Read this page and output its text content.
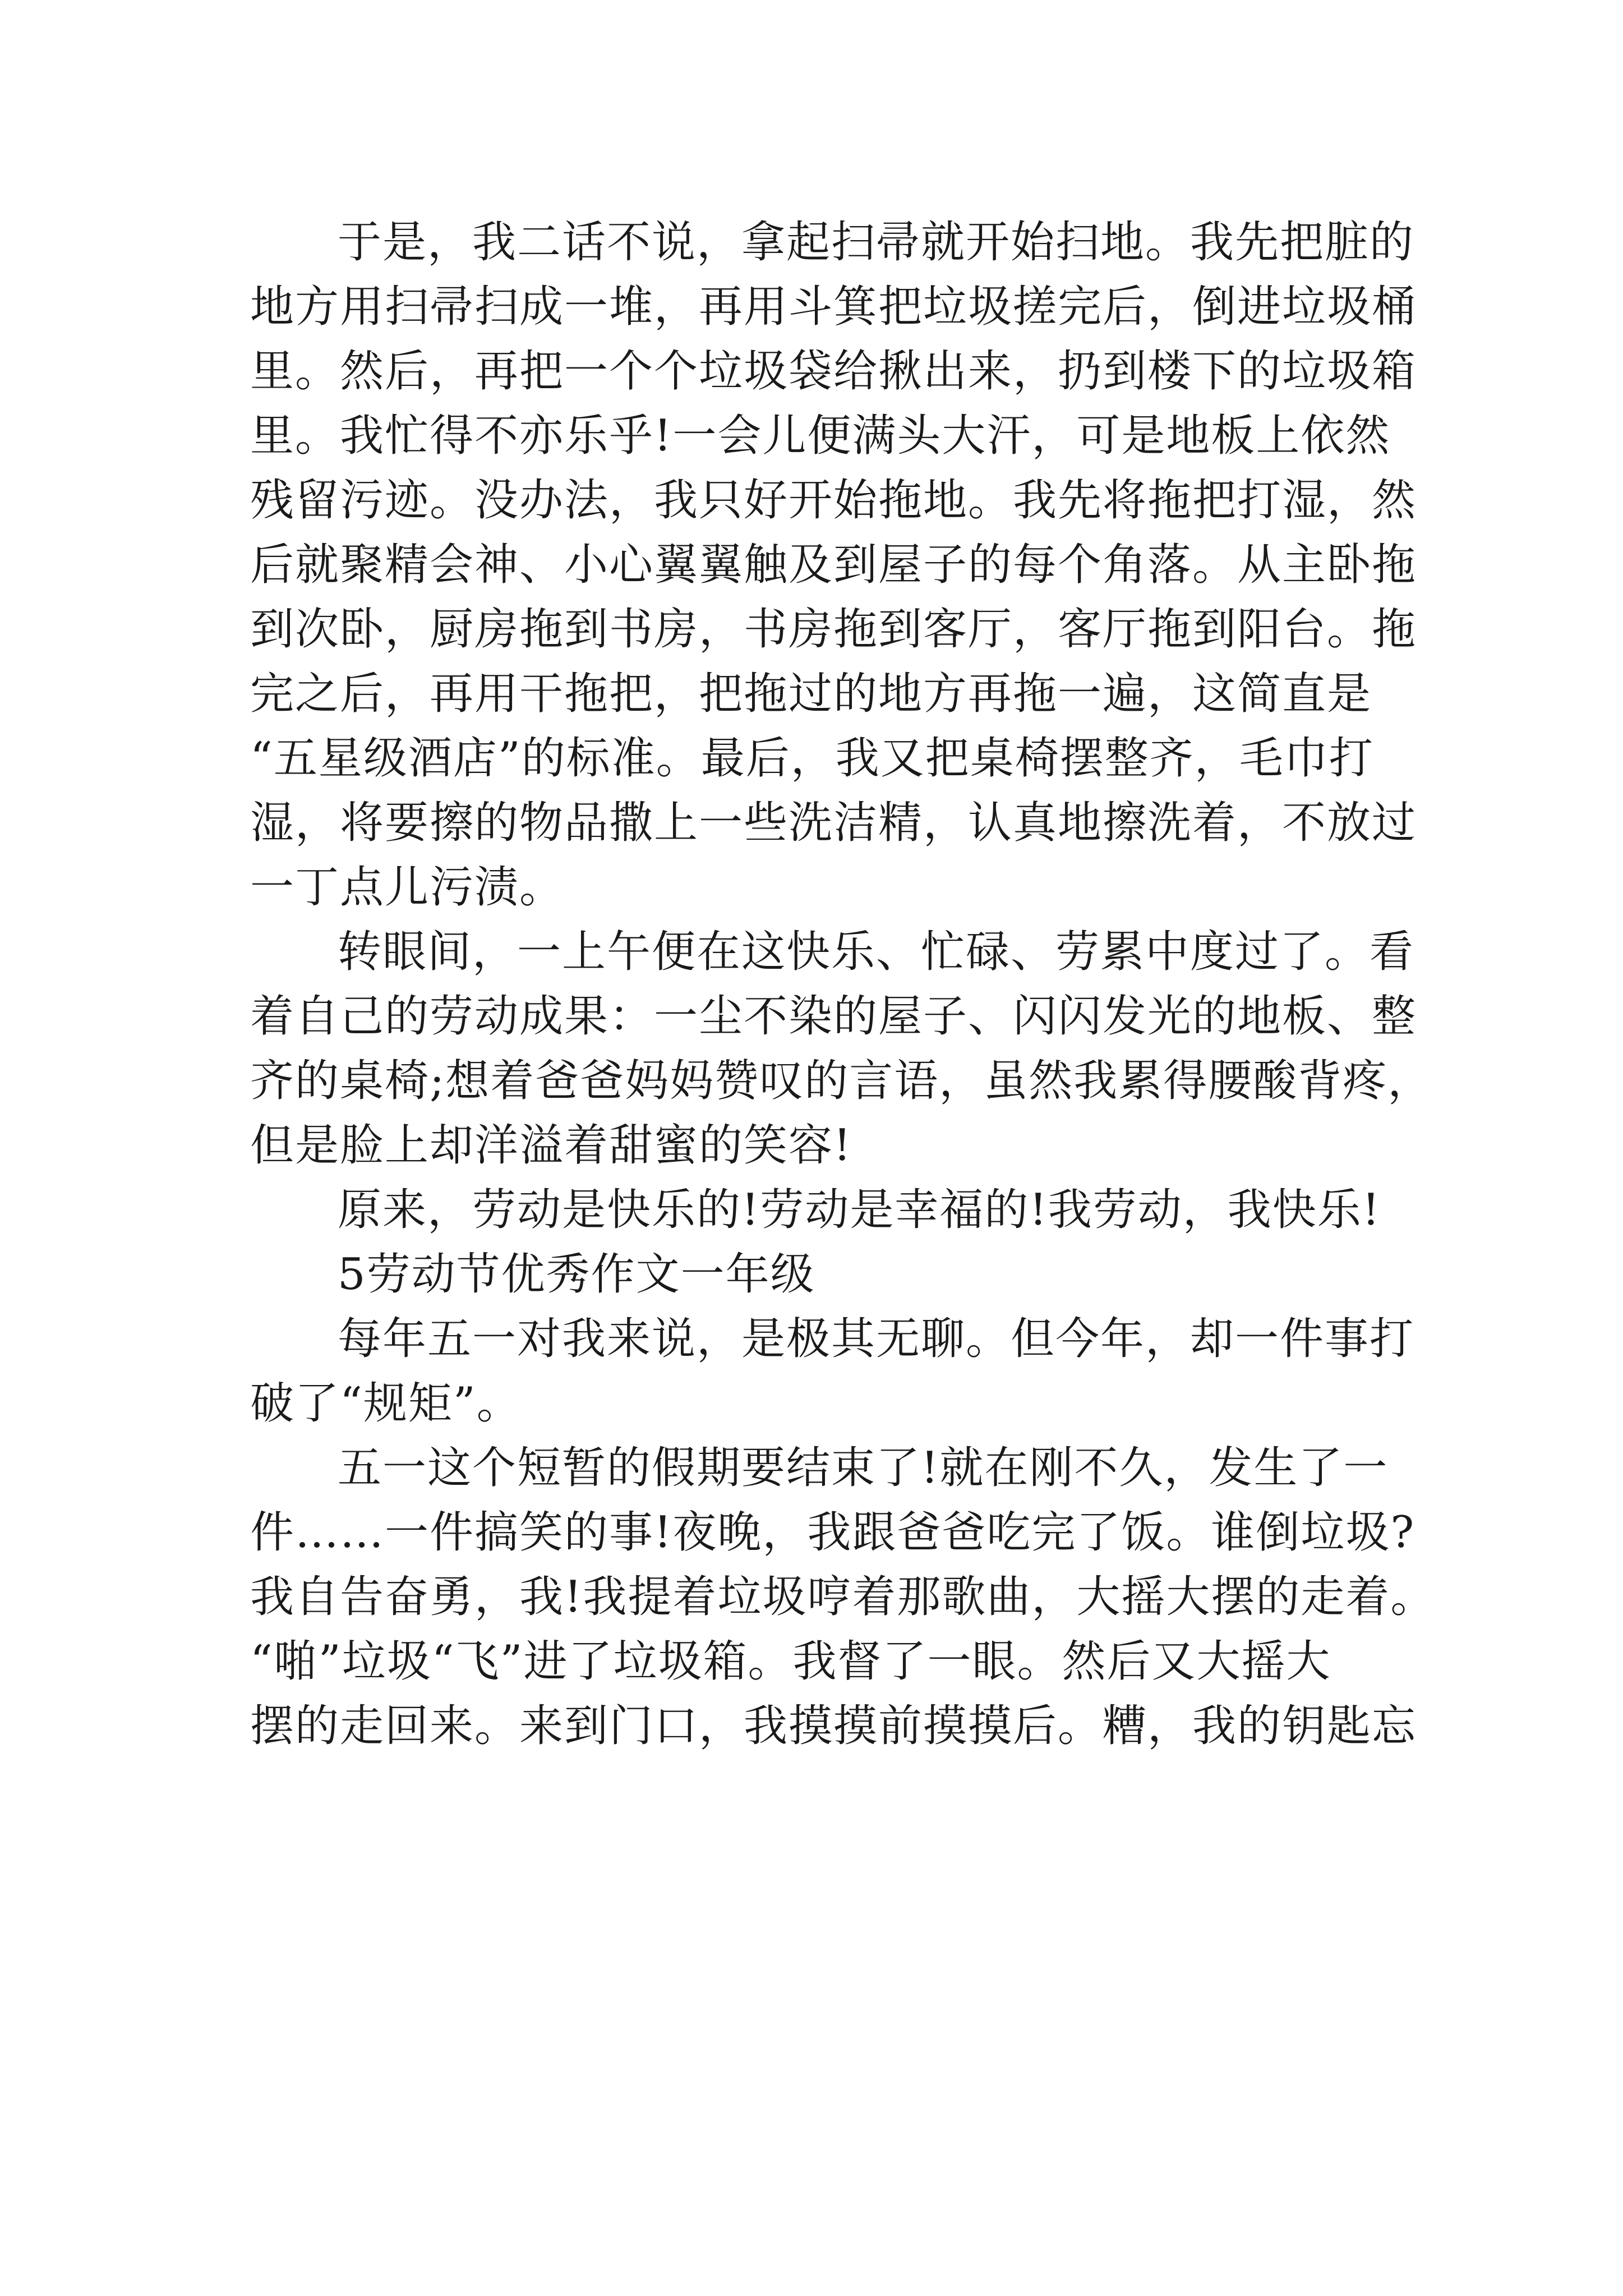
于是，我二话不说，拿起扫帚就开始扫地。我先把脏的
地方用扫帚扫成一堆，再用斗箕把垃圾搓完后，倒进垃圾桶
里。然后，再把一个个垃圾袋给揪出来，扔到楼下的垃圾箱
里。我忙得不亦乐乎!一会儿便满头大汗，可是地板上依然
残留污迹。没办法，我只好开始拖地。我先将拖把打湿，然
后就聚精会神、小心翼翼触及到屋子的每个角落。从主卧拖
到次卧，厨房拖到书房，书房拖到客厅，客厅拖到阳台。拖
完之后，再用干拖把，把拖过的地方再拖一遍，这简直是
“五星级酒店”的标准。最后，我又把桌椅摆整齐，毛巾打
湿，将要擦的物品撒上一些洗洁精，认真地擦洗着，不放过
一丁点儿污渍。
转眼间，一上午便在这快乐、忙碌、劳累中度过了。看
着自己的劳动成果：一尘不染的屋子、闪闪发光的地板、整
齐的桌椅;想着爸爸妈妈赞叹的言语，虽然我累得腰酸背疼，
但是脸上却洋溢着甜蜜的笑容!
原来，劳动是快乐的!劳动是幸福的!我劳动，我快乐!
5劳动节优秀作文一年级
每年五一对我来说，是极其无聊。但今年，却一件事打
破了“规矩”。
五一这个短暂的假期要结束了!就在刚不久，发生了一
件……一件搞笑的事!夜晚，我跟爸爸吃完了饭。谁倒垃圾?
我自告奋勇，我!我提着垃圾哼着那歌曲，大摇大摆的走着。
“啪”垃圾“飞”进了垃圾箱。我督了一眼。然后又大摇大
摆的走回来。来到门口，我摸摸前摸摸后。糟，我的钥匙忘
